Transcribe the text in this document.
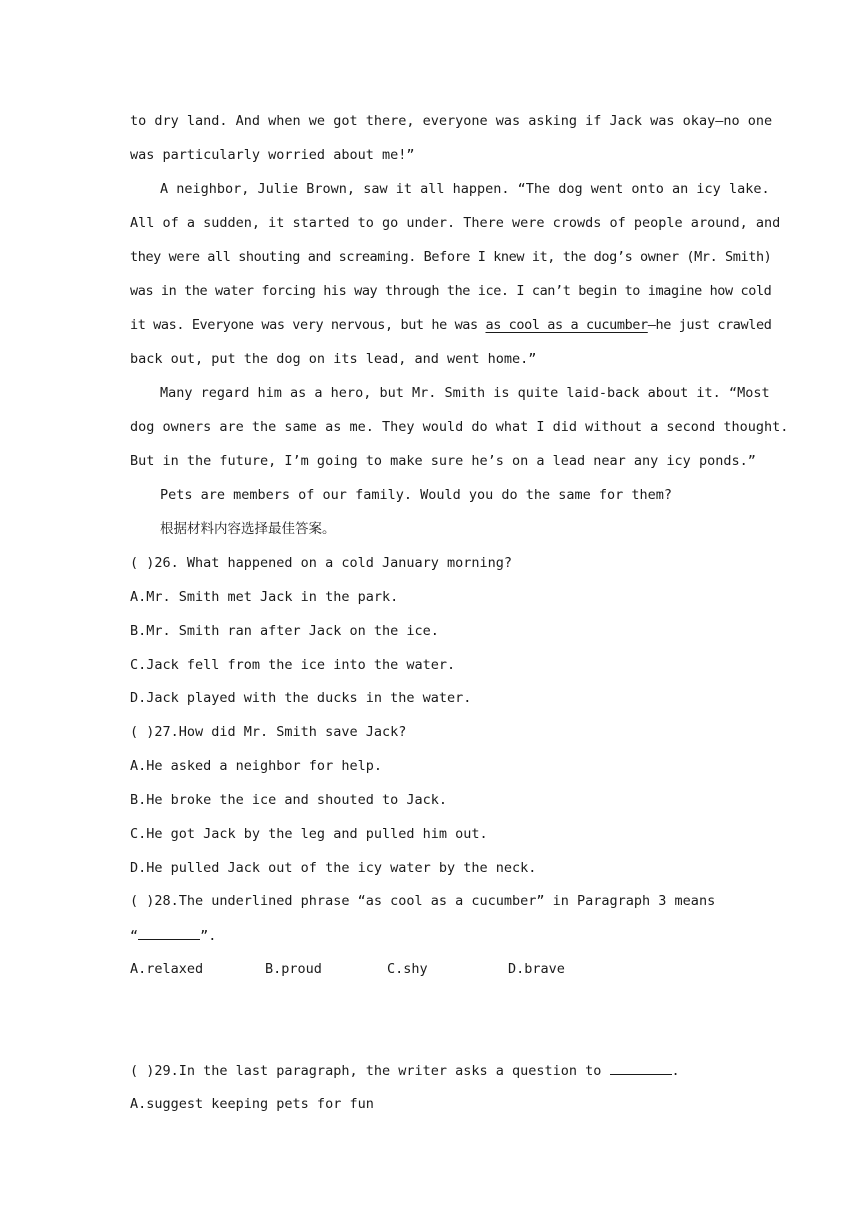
to dry land. And when we got there, everyone was asking if Jack was okay—no one
was particularly worried about me!”
A neighbor, Julie Brown, saw it all happen. “The dog went onto an icy lake.
All of a sudden, it started to go under. There were crowds of people around, and
they were all shouting and screaming. Before I knew it, the dog’s owner (Mr. Smith)
was in the water forcing his way through the ice. I can’t begin to imagine how cold
it was. Everyone was very nervous, but he was as cool as a cucumber—he just crawled
back out, put the dog on its lead, and went home.”
Many regard him as a hero, but Mr. Smith is quite laid-back about it. “Most
dog owners are the same as me. They would do what I did without a second thought.
But in the future, I’m going to make sure he’s on a lead near any icy ponds.”
Pets are members of our family. Would you do the same for them?
根据材料内容选择最佳答案。
( )26. What happened on a cold January morning?
A.Mr. Smith met Jack in the park.
B.Mr. Smith ran after Jack on the ice.
C.Jack fell from the ice into the water.
D.Jack played with the ducks in the water.
( )27.How did Mr. Smith save Jack?
A.He asked a neighbor for help.
B.He broke the ice and shouted to Jack.
C.He got Jack by the leg and pulled him out.
D.He pulled Jack out of the icy water by the neck.
( )28.The underlined phrase “as cool as a cucumber” in Paragraph 3 means
“	”.
A.relaxed	B.proud	C.shy	D.brave
( )29.In the last paragraph, the writer asks a question to	.
A.suggest keeping pets for fun
